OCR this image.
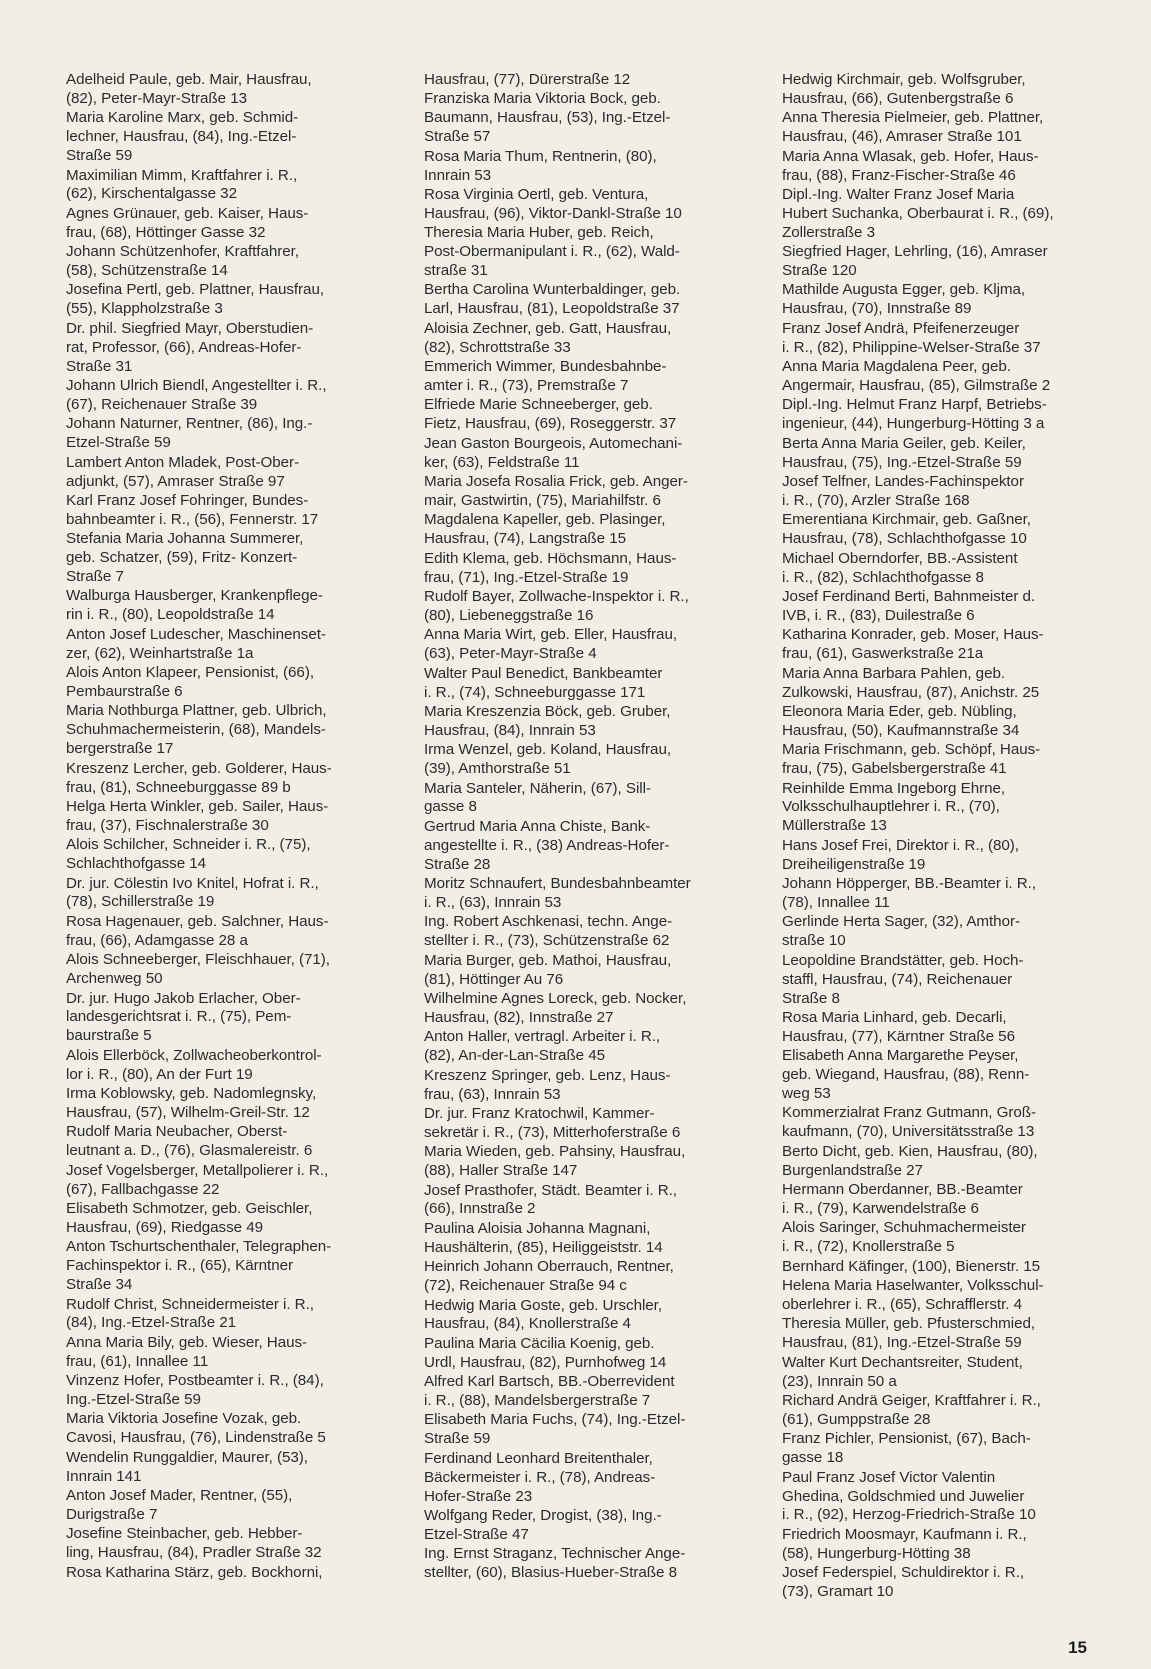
Adelheid Paule, geb. Mair, Hausfrau,
(82), Peter-Mayr-Straße 13
Maria Karoline Marx, geb. Schmid-
lechner, Hausfrau, (84), Ing.-Etzel-
Straße 59
Maximilian Mimm, Kraftfahrer i. R.,
(62), Kirschentalgasse 32
Agnes Grünauer, geb. Kaiser, Haus-
frau, (68), Höttinger Gasse 32
Johann Schützenhofer, Kraftfahrer,
(58), Schützenstraße 14
Josefina Pertl, geb. Plattner, Hausfrau,
(55), Klappholzstraße 3
Dr. phil. Siegfried Mayr, Oberstudien-
rat, Professor, (66), Andreas-Hofer-
Straße 31
Johann Ulrich Biendl, Angestellter i. R.,
(67), Reichenauer Straße 39
Johann Naturner, Rentner, (86), Ing.-
Etzel-Straße 59
Lambert Anton Mladek, Post-Ober-
adjunkt, (57), Amraser Straße 97
Karl Franz Josef Fohringer, Bundes-
bahnbeamter i. R., (56), Fennerstr. 17
Stefania Maria Johanna Summerer,
geb. Schatzer, (59), Fritz- Konzert-
Straße 7
Walburga Hausberger, Krankenpflege-
rin i. R., (80), Leopoldstraße 14
Anton Josef Ludescher, Maschinenset-
zer, (62), Weinhartstraße 1a
Alois Anton Klapeer, Pensionist, (66),
Pembaurstraße 6
Maria Nothburga Plattner, geb. Ulbrich,
Schuhmachermeisterin, (68), Mandels-
bergerstraße 17
Kreszenz Lercher, geb. Golderer, Haus-
frau, (81), Schneeburggasse 89 b
Helga Herta Winkler, geb. Sailer, Haus-
frau, (37), Fischnalerstraße 30
Alois Schilcher, Schneider i. R., (75),
Schlachthofgasse 14
Dr. jur. Cölestin Ivo Knitel, Hofrat i. R.,
(78), Schillerstraße 19
Rosa Hagenauer, geb. Salchner, Haus-
frau, (66), Adamgasse 28 a
Alois Schneeberger, Fleischhauer, (71),
Archenweg 50
Dr. jur. Hugo Jakob Erlacher, Ober-
landesgerichtsrat i. R., (75), Pem-
baurstraße 5
Alois Ellerböck, Zollwacheoberkontrol-
lor i. R., (80), An der Furt 19
Irma Koblowsky, geb. Nadomlegnsky,
Hausfrau, (57), Wilhelm-Greil-Str. 12
Rudolf Maria Neubacher, Oberst-
leutnant a. D., (76), Glasmalereistr. 6
Josef Vogelsberger, Metallpolierer i. R.,
(67), Fallbachgasse 22
Elisabeth Schmotzer, geb. Geischler,
Hausfrau, (69), Riedgasse 49
Anton Tschurtschenthaler, Telegraphen-
Fachinspektor i. R., (65), Kärntner
Straße 34
Rudolf Christ, Schneidermeister i. R.,
(84), Ing.-Etzel-Straße 21
Anna Maria Bily, geb. Wieser, Haus-
frau, (61), Innallee 11
Vinzenz Hofer, Postbeamter i. R., (84),
Ing.-Etzel-Straße 59
Maria Viktoria Josefine Vozak, geb.
Cavosi, Hausfrau, (76), Lindenstraße 5
Wendelin Runggaldier, Maurer, (53),
Innrain 141
Anton Josef Mader, Rentner, (55),
Durigstraße 7
Josefine Steinbacher, geb. Hebber-
ling, Hausfrau, (84), Pradler Straße 32
Rosa Katharina Stärz, geb. Bockhorni,
Hausfrau, (77), Dürerstraße 12
Franziska Maria Viktoria Bock, geb.
Baumann, Hausfrau, (53), Ing.-Etzel-
Straße 57
Rosa Maria Thum, Rentnerin, (80),
Innrain 53
Rosa Virginia Oertl, geb. Ventura,
Hausfrau, (96), Viktor-Dankl-Straße 10
Theresia Maria Huber, geb. Reich,
Post-Obermanipulant i. R., (62), Wald-
straße 31
Bertha Carolina Wunterbaldinger, geb.
Larl, Hausfrau, (81), Leopoldstraße 37
Aloisia Zechner, geb. Gatt, Hausfrau,
(82), Schrottstraße 33
Emmerich Wimmer, Bundesbahnbe-
amter i. R., (73), Premstraße 7
Elfriede Marie Schneeberger, geb.
Fietz, Hausfrau, (69), Roseggerstr. 37
Jean Gaston Bourgeois, Automechani-
ker, (63), Feldstraße 11
Maria Josefa Rosalia Frick, geb. Anger-
mair, Gastwirtin, (75), Mariahilfstr. 6
Magdalena Kapeller, geb. Plasinger,
Hausfrau, (74), Langstraße 15
Edith Klema, geb. Höchsmann, Haus-
frau, (71), Ing.-Etzel-Straße 19
Rudolf Bayer, Zollwache-Inspektor i. R.,
(80), Liebeneggstraße 16
Anna Maria Wirt, geb. Eller, Hausfrau,
(63), Peter-Mayr-Straße 4
Walter Paul Benedict, Bankbeamter
i. R., (74), Schneeburggasse 171
Maria Kreszenzia Böck, geb. Gruber,
Hausfrau, (84), Innrain 53
Irma Wenzel, geb. Koland, Hausfrau,
(39), Amthorstraße 51
Maria Santeler, Näherin, (67), Sill-
gasse 8
Gertrud Maria Anna Chiste, Bank-
angestellte i. R., (38) Andreas-Hofer-
Straße 28
Moritz Schnaufert, Bundesbahnbeamter
i. R., (63), Innrain 53
Ing. Robert Aschkenasi, techn. Ange-
stellter i. R., (73), Schützenstraße 62
Maria Burger, geb. Mathoi, Hausfrau,
(81), Höttinger Au 76
Wilhelmine Agnes Loreck, geb. Nocker,
Hausfrau, (82), Innstraße 27
Anton Haller, vertragl. Arbeiter i. R.,
(82), An-der-Lan-Straße 45
Kreszenz Springer, geb. Lenz, Haus-
frau, (63), Innrain 53
Dr. jur. Franz Kratochwil, Kammer-
sekretär i. R., (73), Mitterhoferstraße 6
Maria Wieden, geb. Pahsiny, Hausfrau,
(88), Haller Straße 147
Josef Prasthofer, Städt. Beamter i. R.,
(66), Innstraße 2
Paulina Aloisia Johanna Magnani,
Haushälterin, (85), Heiliggeiststr. 14
Heinrich Johann Oberrauch, Rentner,
(72), Reichenauer Straße 94 c
Hedwig Maria Goste, geb. Urschler,
Hausfrau, (84), Knollerstraße 4
Paulina Maria Cäcilia Koenig, geb.
Urdl, Hausfrau, (82), Purnhofweg 14
Alfred Karl Bartsch, BB.-Oberrevident
i. R., (88), Mandelsbergerstraße 7
Elisabeth Maria Fuchs, (74), Ing.-Etzel-
Straße 59
Ferdinand Leonhard Breitenthaler,
Bäckermeister i. R., (78), Andreas-
Hofer-Straße 23
Wolfgang Reder, Drogist, (38), Ing.-
Etzel-Straße 47
Ing. Ernst Straganz, Technischer Ange-
stellter, (60), Blasius-Hueber-Straße 8
Hedwig Kirchmair, geb. Wolfsgruber,
Hausfrau, (66), Gutenbergstraße 6
Anna Theresia Pielmeier, geb. Plattner,
Hausfrau, (46), Amraser Straße 101
Maria Anna Wlasak, geb. Hofer, Haus-
frau, (88), Franz-Fischer-Straße 46
Dipl.-Ing. Walter Franz Josef Maria
Hubert Suchanka, Oberbaurat i. R., (69),
Zollerstraße 3
Siegfried Hager, Lehrling, (16), Amraser
Straße 120
Mathilde Augusta Egger, geb. Kljma,
Hausfrau, (70), Innstraße 89
Franz Josef Andrä, Pfeifenerzeuger
i. R., (82), Philippine-Welser-Straße 37
Anna Maria Magdalena Peer, geb.
Angermair, Hausfrau, (85), Gilmstraße 2
Dipl.-Ing. Helmut Franz Harpf, Betriebs-
ingenieur, (44), Hungerburg-Hötting 3 a
Berta Anna Maria Geiler, geb. Keiler,
Hausfrau, (75), Ing.-Etzel-Straße 59
Josef Telfner, Landes-Fachinspektor
i. R., (70), Arzler Straße 168
Emerentiana Kirchmair, geb. Gaßner,
Hausfrau, (78), Schlachthofgasse 10
Michael Oberndorfer, BB.-Assistent
i. R., (82), Schlachthofgasse 8
Josef Ferdinand Berti, Bahnmeister d.
IVB, i. R., (83), Duilestraße 6
Katharina Konrader, geb. Moser, Haus-
frau, (61), Gaswerkstraße 21a
Maria Anna Barbara Pahlen, geb.
Zulkowski, Hausfrau, (87), Anichstr. 25
Eleonora Maria Eder, geb. Nübling,
Hausfrau, (50), Kaufmannstraße 34
Maria Frischmann, geb. Schöpf, Haus-
frau, (75), Gabelsbergerstraße 41
Reinhilde Emma Ingeborg Ehrne,
Volksschulhauptlehrer i. R., (70),
Müllerstraße 13
Hans Josef Frei, Direktor i. R., (80),
Dreiheiligenstraße 19
Johann Höpperger, BB.-Beamter i. R.,
(78), Innallee 11
Gerlinde Herta Sager, (32), Amthor-
straße 10
Leopoldine Brandstätter, geb. Hoch-
staffl, Hausfrau, (74), Reichenauer
Straße 8
Rosa Maria Linhard, geb. Decarli,
Hausfrau, (77), Kärntner Straße 56
Elisabeth Anna Margarethe Peyser,
geb. Wiegand, Hausfrau, (88), Renn-
weg 53
Kommerzialrat Franz Gutmann, Groß-
kaufmann, (70), Universitätsstraße 13
Berto Dicht, geb. Kien, Hausfrau, (80),
Burgenlandstraße 27
Hermann Oberdanner, BB.-Beamter
i. R., (79), Karwendelstraße 6
Alois Saringer, Schuhmachermeister
i. R., (72), Knollerstraße 5
Bernhard Käfinger, (100), Bienerstr. 15
Helena Maria Haselwanter, Volksschul-
oberlehrer i. R., (65), Schrafflerstr. 4
Theresia Müller, geb. Pfusterschmied,
Hausfrau, (81), Ing.-Etzel-Straße 59
Walter Kurt Dechantsreiter, Student,
(23), Innrain 50 a
Richard Andrä Geiger, Kraftfahrer i. R.,
(61), Gumppstraße 28
Franz Pichler, Pensionist, (67), Bach-
gasse 18
Paul Franz Josef Victor Valentin
Ghedina, Goldschmied und Juwelier
i. R., (92), Herzog-Friedrich-Straße 10
Friedrich Moosmayr, Kaufmann i. R.,
(58), Hungerburg-Hötting 38
Josef Federspiel, Schuldirektor i. R.,
(73), Gramart 10
15
